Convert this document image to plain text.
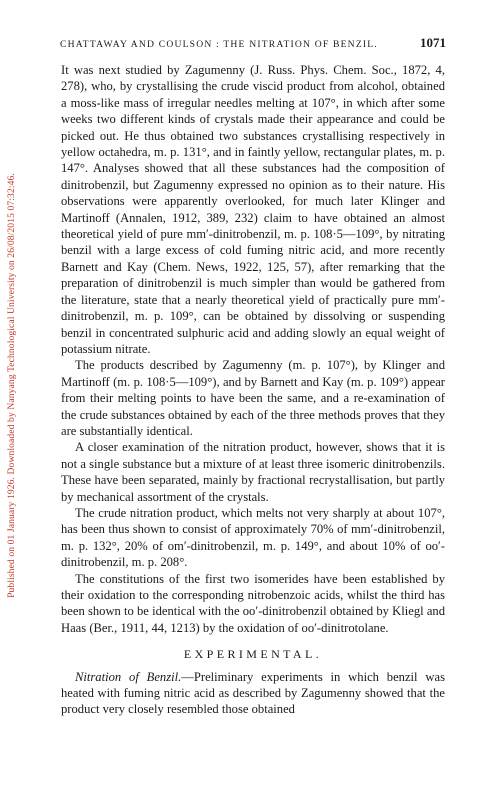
Published on 01 January 1926. Downloaded by Nanyang Technological University on 26/08/2015 07:32:46.
CHATTAWAY AND COULSON : THE NITRATION OF BENZIL.	1071

It was next studied by Zagumenny (J. Russ. Phys. Chem. Soc., 1872, 4, 278), who, by crystallising the crude viscid product from alcohol, obtained a moss-like mass of irregular needles melting at 107°, in which after some weeks two different kinds of crystals made their appearance and could be picked out. He thus obtained two substances crystallising respectively in yellow octahedra, m. p. 131°, and in faintly yellow, rectangular plates, m. p. 147°. Analyses showed that all these substances had the composition of dinitrobenzil, but Zagumenny expressed no opinion as to their nature. His observations were apparently overlooked, for much later Klinger and Martinoff (Annalen, 1912, 389, 232) claim to have obtained an almost theoretical yield of pure mm′-dinitrobenzil, m. p. 108·5—109°, by nitrating benzil with a large excess of cold fuming nitric acid, and more recently Barnett and Kay (Chem. News, 1922, 125, 57), after remarking that the preparation of dinitrobenzil is much simpler than would be gathered from the literature, state that a nearly theoretical yield of practically pure mm′-dinitrobenzil, m. p. 109°, can be obtained by dissolving or suspending benzil in concentrated sulphuric acid and adding slowly an equal weight of potassium nitrate.

The products described by Zagumenny (m. p. 107°), by Klinger and Martinoff (m. p. 108·5—109°), and by Barnett and Kay (m. p. 109°) appear from their melting points to have been the same, and a re-examination of the crude substances obtained by each of the three methods proves that they are substantially identical.

A closer examination of the nitration product, however, shows that it is not a single substance but a mixture of at least three isomeric dinitrobenzils. These have been separated, mainly by fractional recrystallisation, but partly by mechanical assortment of the crystals.

The crude nitration product, which melts not very sharply at about 107°, has been thus shown to consist of approximately 70% of mm′-dinitrobenzil, m. p. 132°, 20% of om′-dinitrobenzil, m. p. 149°, and about 10% of oo′-dinitrobenzil, m. p. 208°.

The constitutions of the first two isomerides have been established by their oxidation to the corresponding nitrobenzoic acids, whilst the third has been shown to be identical with the oo′-dinitrobenzil obtained by Kliegl and Haas (Ber., 1911, 44, 1213) by the oxidation of oo′-dinitrotolane.

EXPERIMENTAL.

Nitration of Benzil.—Preliminary experiments in which benzil was heated with fuming nitric acid as described by Zagumenny showed that the product very closely resembled those obtained
